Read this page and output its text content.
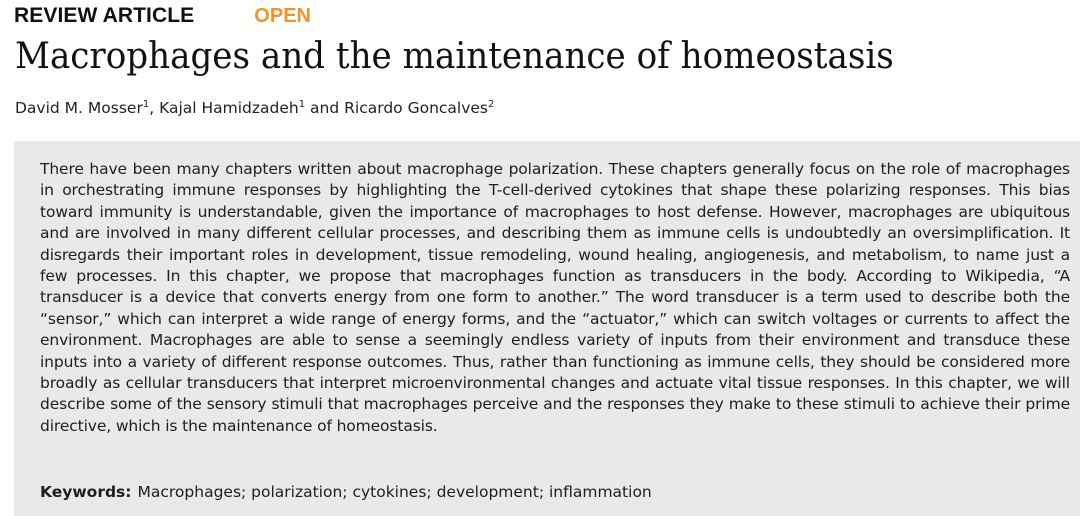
REVIEW ARTICLE	OPEN
Macrophages and the maintenance of homeostasis
David M. Mosser$^1$, Kajal Hamidzadeh$^1$ and Ricardo Goncalves$^2$

There have been many chapters written about macrophage polarization. These chapters generally focus on the role of macrophages in orchestrating immune responses by highlighting the T-cell-derived cytokines that shape these polarizing responses. This bias toward immunity is understandable, given the importance of macrophages to host defense. However, macrophages are ubiquitous and are involved in many different cellular processes, and describing them as immune cells is undoubtedly an oversimplification. It disregards their important roles in development, tissue remodeling, wound healing, angiogenesis, and metabolism, to name just a few processes. In this chapter, we propose that macrophages function as transducers in the body. According to Wikipedia, “A transducer is a device that converts energy from one form to another.” The word transducer is a term used to describe both the “sensor,” which can interpret a wide range of energy forms, and the “actuator,” which can switch voltages or currents to affect the environment. Macrophages are able to sense a seemingly endless variety of inputs from their environment and transduce these inputs into a variety of different response outcomes. Thus, rather than functioning as immune cells, they should be considered more broadly as cellular transducers that interpret microenvironmental changes and actuate vital tissue responses. In this chapter, we will describe some of the sensory stimuli that macrophages perceive and the responses they make to these stimuli to achieve their prime directive, which is the maintenance of homeostasis.

Keywords: Macrophages; polarization; cytokines; development; inflammation
